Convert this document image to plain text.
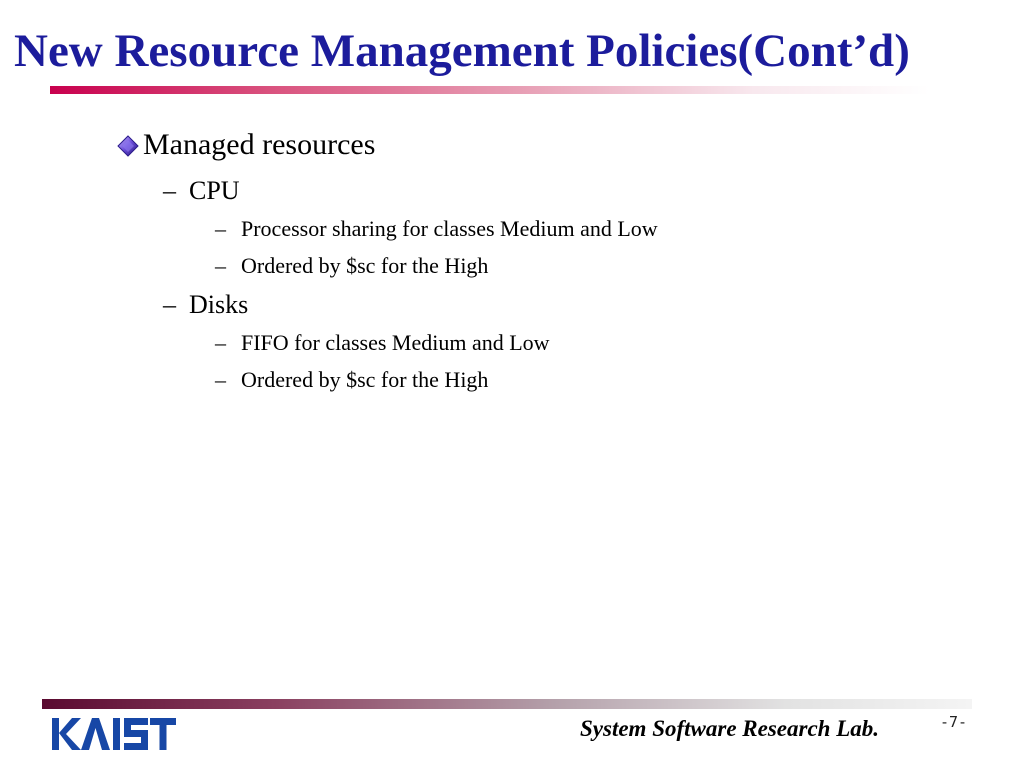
New Resource Management Policies(Cont’d)
Managed resources
– CPU
– Processor sharing for classes Medium and Low
– Ordered by $sc for the High
– Disks
– FIFO for classes Medium and Low
– Ordered by $sc for the High
System Software Research Lab.	-7-
